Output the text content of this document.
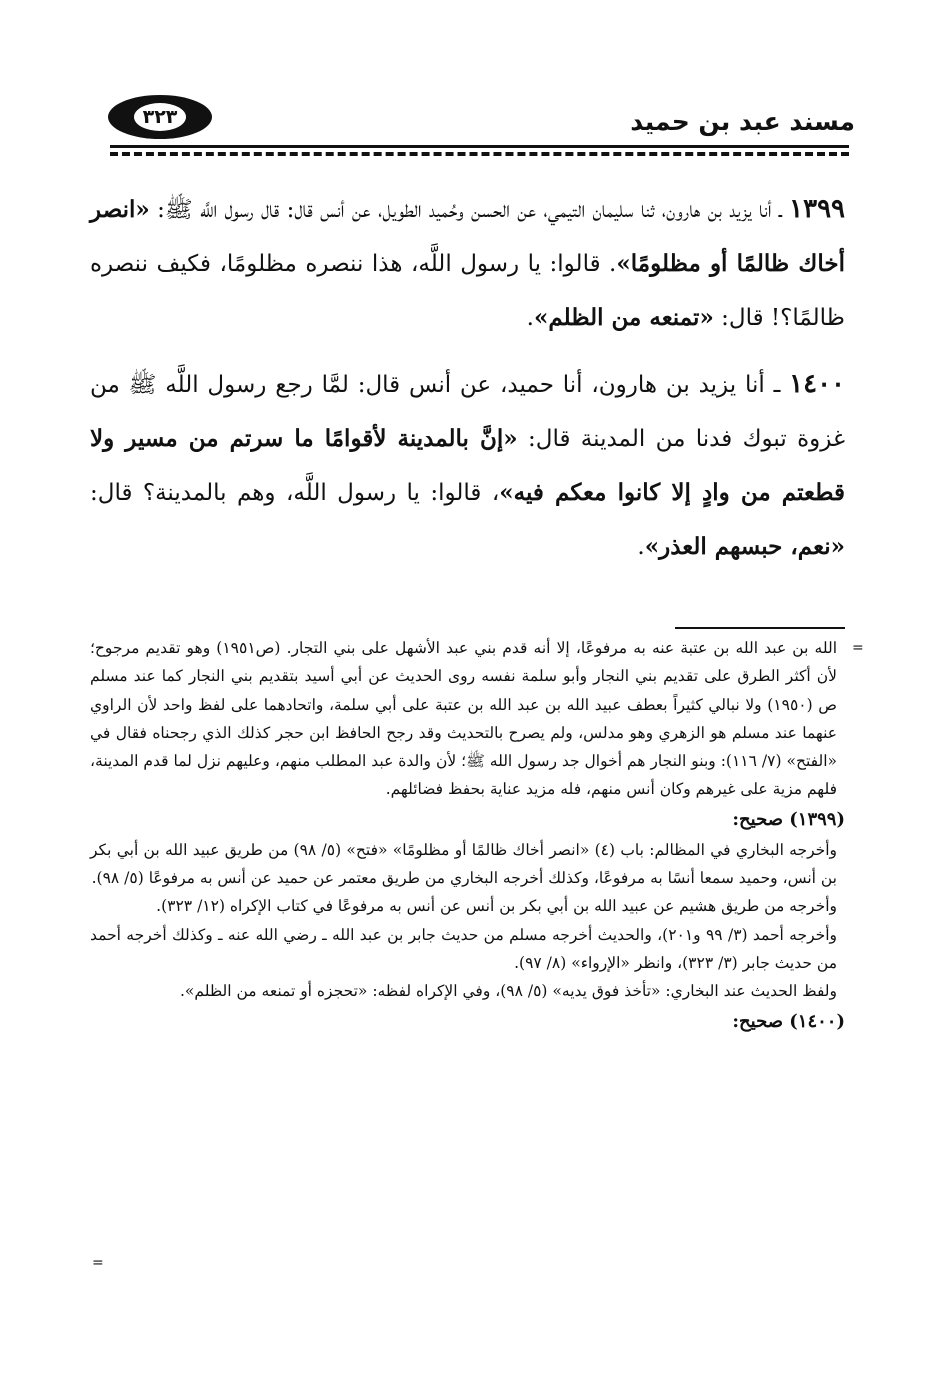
مسند عبد بن حميد
٣٢٣

١٣٩٩ ـ أنا يزيد بن هارون، ثنا سليمان التيمي، عن الحسن وحُميد الطويل، عن أنس قال: قال رسول اللَّه ﷺ: «انصر أخاك ظالمًا أو مظلومًا». قالوا: يا رسول اللَّه، هذا ننصره مظلومًا، فكيف ننصره ظالمًا؟! قال: «تمنعه من الظلم».

١٤٠٠ ـ أنا يزيد بن هارون، أنا حميد، عن أنس قال: لمَّا رجع رسول اللَّه ﷺ من غزوة تبوك فدنا من المدينة قال: «إنَّ بالمدينة لأقوامًا ما سرتم من مسير ولا قطعتم من وادٍ إلا كانوا معكم فيه»، قالوا: يا رسول اللَّه، وهم بالمدينة؟ قال: «نعم، حبسهم العذر».

=
=

الله بن عبد الله بن عتبة عنه به مرفوعًا، إلا أنه قدم بني عبد الأشهل على بني التجار. (ص١٩٥١) وهو تقديم مرجوح؛ لأن أكثر الطرق على تقديم بني النجار وأبو سلمة نفسه روى الحديث عن أبي أسيد بتقديم بني النجار كما عند مسلم ص (١٩٥٠) ولا نبالي كثيراً بعطف عبيد الله بن عبد الله بن عتبة على أبي سلمة، واتحادهما على لفظ واحد لأن الراوي عنهما عند مسلم هو الزهري وهو مدلس، ولم يصرح بالتحديث وقد رجح الحافظ ابن حجر كذلك الذي رجحناه فقال في «الفتح» (٧/ ١١٦): وبنو النجار هم أخوال جد رسول الله ﷺ؛ لأن والدة عبد المطلب منهم، وعليهم نزل لما قدم المدينة، فلهم مزية على غيرهم وكان أنس منهم، فله مزيد عناية بحفظ فضائلهم.

(١٣٩٩) صحيح:

وأخرجه البخاري في المظالم: باب (٤) «انصر أخاك ظالمًا أو مظلومًا» «فتح» (٥/ ٩٨) من طريق عبيد الله بن أبي بكر بن أنس، وحميد سمعا أنسًا به مرفوعًا، وكذلك أخرجه البخاري من طريق معتمر عن حميد عن أنس به مرفوعًا (٥/ ٩٨).

وأخرجه من طريق هشيم عن عبيد الله بن أبي بكر بن أنس عن أنس به مرفوعًا في كتاب الإكراه (١٢/ ٣٢٣).

وأخرجه أحمد (٣/ ٩٩ و٢٠١)، والحديث أخرجه مسلم من حديث جابر بن عبد الله ـ رضي الله عنه ـ وكذلك أخرجه أحمد من حديث جابر (٣/ ٣٢٣)، وانظر «الإرواء» (٨/ ٩٧).

ولفظ الحديث عند البخاري: «تأخذ فوق يديه» (٥/ ٩٨)، وفي الإكراه لفظه: «تحجزه أو تمنعه من الظلم».

(١٤٠٠) صحيح:
